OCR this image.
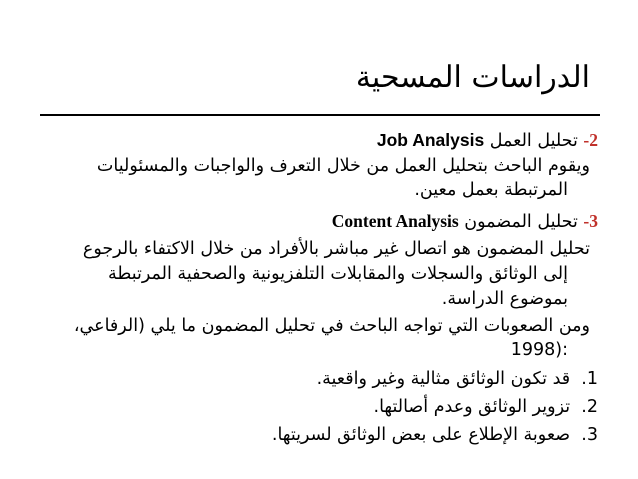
الدراسات المسحية
2- تحليل العمل Job Analysis
ويقوم الباحث بتحليل العمل من خلال التعرف والواجبات والمسئوليات
المرتبطة بعمل معين.
3- تحليل المضمون Content Analysis
تحليل المضمون هو اتصال غير مباشر بالأفراد من خلال الاكتفاء بالرجوع
إلى الوثائق والسجلات والمقابلات التلفزيونية والصحفية المرتبطة
بموضوع الدراسة.
ومن الصعوبات التي تواجه الباحث في تحليل المضمون ما يلي (الرفاعي،
1998):
1.  قد تكون الوثائق مثالية وغير واقعية.
2.  تزوير الوثائق وعدم أصالتها.
3.  صعوبة الإطلاع على بعض الوثائق لسريتها.
